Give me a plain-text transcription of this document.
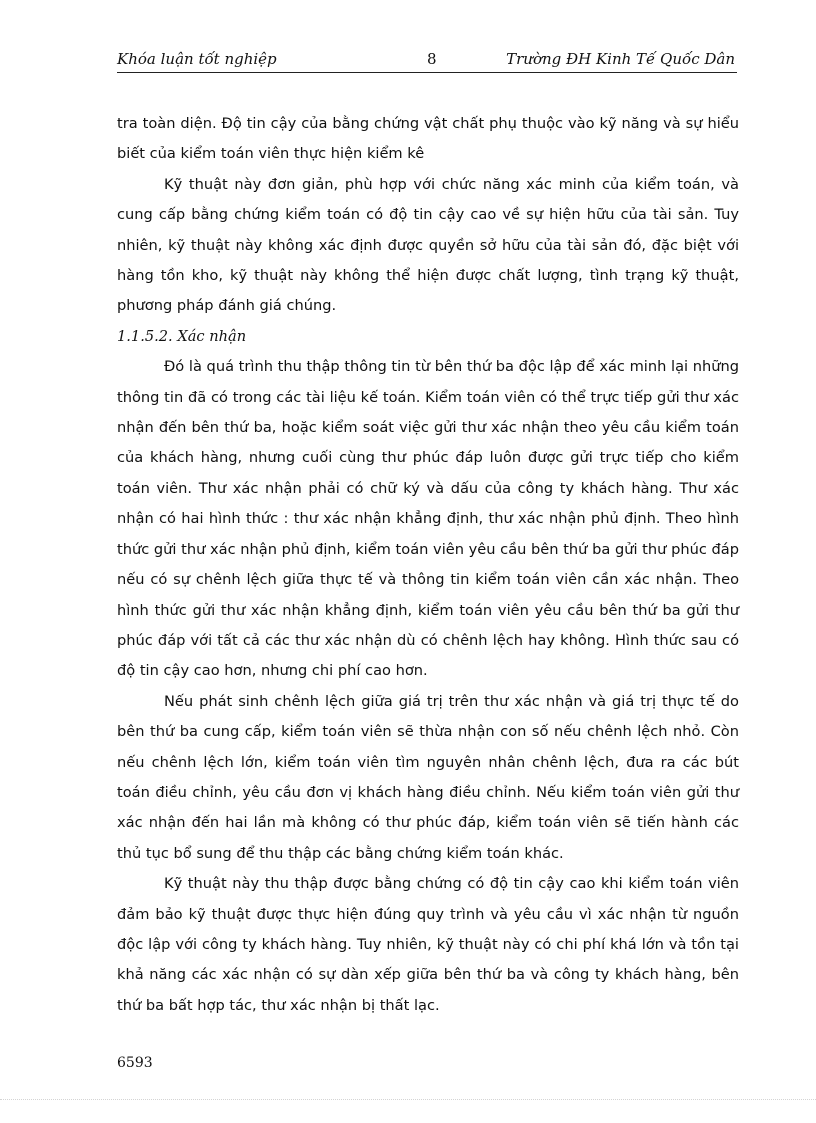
Khóa luận tốt nghiệp	8	Trường ĐH Kinh Tế Quốc Dân

tra toàn diện. Độ tin cậy của bằng chứng vật chất phụ thuộc vào kỹ năng và sự hiểu biết của kiểm toán viên thực hiện kiểm kê

Kỹ thuật này đơn giản, phù hợp với chức năng xác minh của kiểm toán, và cung cấp bằng chứng kiểm toán có độ tin cậy cao về sự hiện hữu của tài sản. Tuy nhiên, kỹ thuật này không xác định được quyền sở hữu của tài sản đó, đặc biệt với hàng tồn kho, kỹ thuật này không thể hiện được chất lượng, tình trạng kỹ thuật, phương pháp đánh giá chúng.

1.1.5.2. Xác nhận

Đó là quá trình thu thập thông tin từ bên thứ ba độc lập để xác minh lại những thông tin đã có trong các tài liệu kế toán. Kiểm toán viên có thể trực tiếp gửi thư xác nhận đến bên thứ ba, hoặc kiểm soát việc gửi thư xác nhận theo yêu cầu kiểm toán của khách hàng, nhưng cuối cùng thư phúc đáp luôn được gửi trực tiếp cho kiểm toán viên. Thư xác nhận phải có chữ ký và dấu của công ty khách hàng. Thư xác nhận có hai hình thức : thư xác nhận khẳng định, thư xác nhận phủ định. Theo hình thức gửi thư xác nhận phủ định, kiểm toán viên yêu cầu bên thứ ba gửi thư phúc đáp nếu có sự chênh lệch giữa thực tế và thông tin kiểm toán viên cần xác nhận. Theo hình thức gửi thư xác nhận khẳng định, kiểm toán viên yêu cầu bên thứ ba gửi thư phúc đáp với tất cả các thư xác nhận dù có chênh lệch hay không. Hình thức sau có độ tin cậy cao hơn, nhưng chi phí cao hơn.

Nếu phát sinh chênh lệch giữa giá trị trên thư xác nhận và giá trị thực tế do bên thứ ba cung cấp, kiểm toán viên sẽ thừa nhận con số nếu chênh lệch nhỏ. Còn nếu chênh lệch lớn, kiểm toán viên tìm nguyên nhân chênh lệch, đưa ra các bút toán điều chỉnh, yêu cầu đơn vị khách hàng điều chỉnh. Nếu kiểm toán viên gửi thư xác nhận đến hai lần mà không có thư phúc đáp, kiểm toán viên sẽ tiến hành các thủ tục bổ sung để thu thập các bằng chứng kiểm toán khác.

Kỹ thuật này thu thập được bằng chứng có độ tin cậy cao khi kiểm toán viên đảm bảo kỹ thuật được thực hiện đúng quy trình và yêu cầu vì xác nhận từ nguồn độc lập với công ty khách hàng. Tuy nhiên, kỹ thuật này có chi phí khá lớn và tồn tại khả năng các xác nhận có sự dàn xếp giữa bên thứ ba và công ty khách hàng, bên thứ ba bất hợp tác, thư xác nhận bị thất lạc.

6593
